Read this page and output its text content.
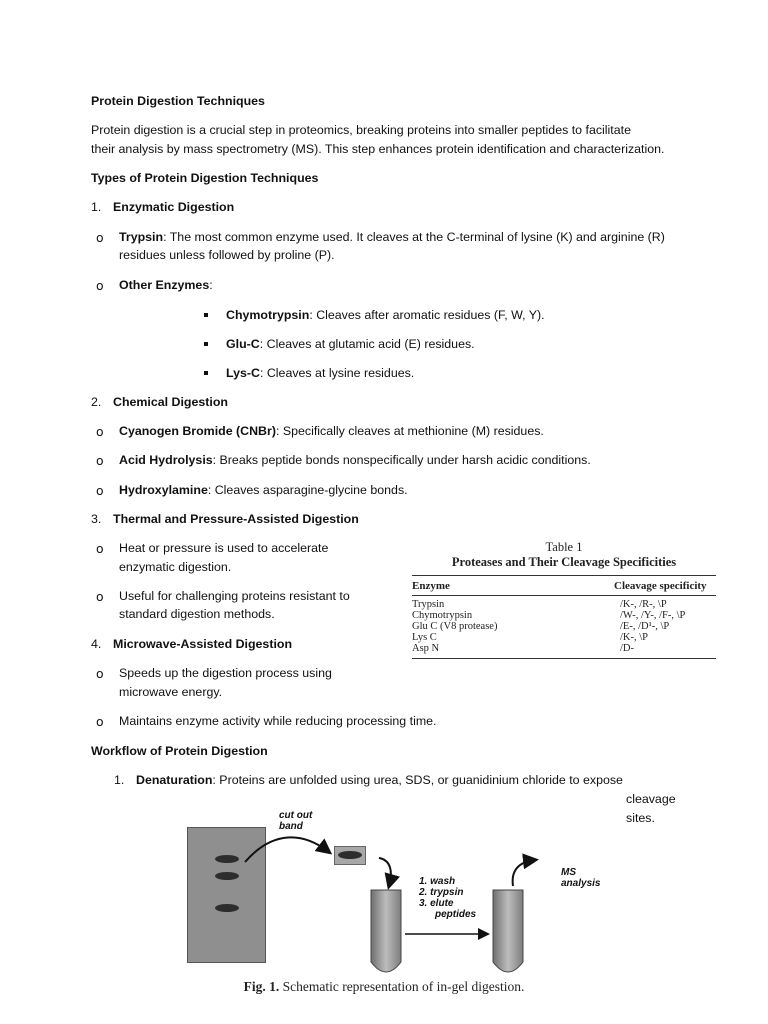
Protein Digestion Techniques
Protein digestion is a crucial step in proteomics, breaking proteins into smaller peptides to facilitate
their analysis by mass spectrometry (MS). This step enhances protein identification and characterization.
Types of Protein Digestion Techniques
1. Enzymatic Digestion
o Trypsin: The most common enzyme used. It cleaves at the C-terminal of lysine (K) and arginine (R)
residues unless followed by proline (P).
o Other Enzymes:
Chymotrypsin: Cleaves after aromatic residues (F, W, Y).
Glu-C: Cleaves at glutamic acid (E) residues.
Lys-C: Cleaves at lysine residues.
2. Chemical Digestion
o Cyanogen Bromide (CNBr): Specifically cleaves at methionine (M) residues.
o Acid Hydrolysis: Breaks peptide bonds nonspecifically under harsh acidic conditions.
o Hydroxylamine: Cleaves asparagine-glycine bonds.
3. Thermal and Pressure-Assisted Digestion
o Heat or pressure is used to accelerate
enzymatic digestion.
o Useful for challenging proteins resistant to
standard digestion methods.
4. Microwave-Assisted Digestion
o Speeds up the digestion process using
microwave energy.
o Maintains enzyme activity while reducing processing time.
Workflow of Protein Digestion
1. Denaturation: Proteins are unfolded using urea, SDS, or guanidinium chloride to expose
cleavage
sites.
Table 1
Proteases and Their Cleavage Specificities
Enzyme	Cleavage specificity
Trypsin	/K-, /R-, \P
Chymotrypsin	/W-, /Y-, /F-, \P
Glu C (V8 protease)	/E-, /D¹-, \P
Lys C	/K-, \P
Asp N	/D-
cut out
band
1. wash
2. trypsin
3. elute
peptides
MS
analysis
Fig. 1. Schematic representation of in-gel digestion.
